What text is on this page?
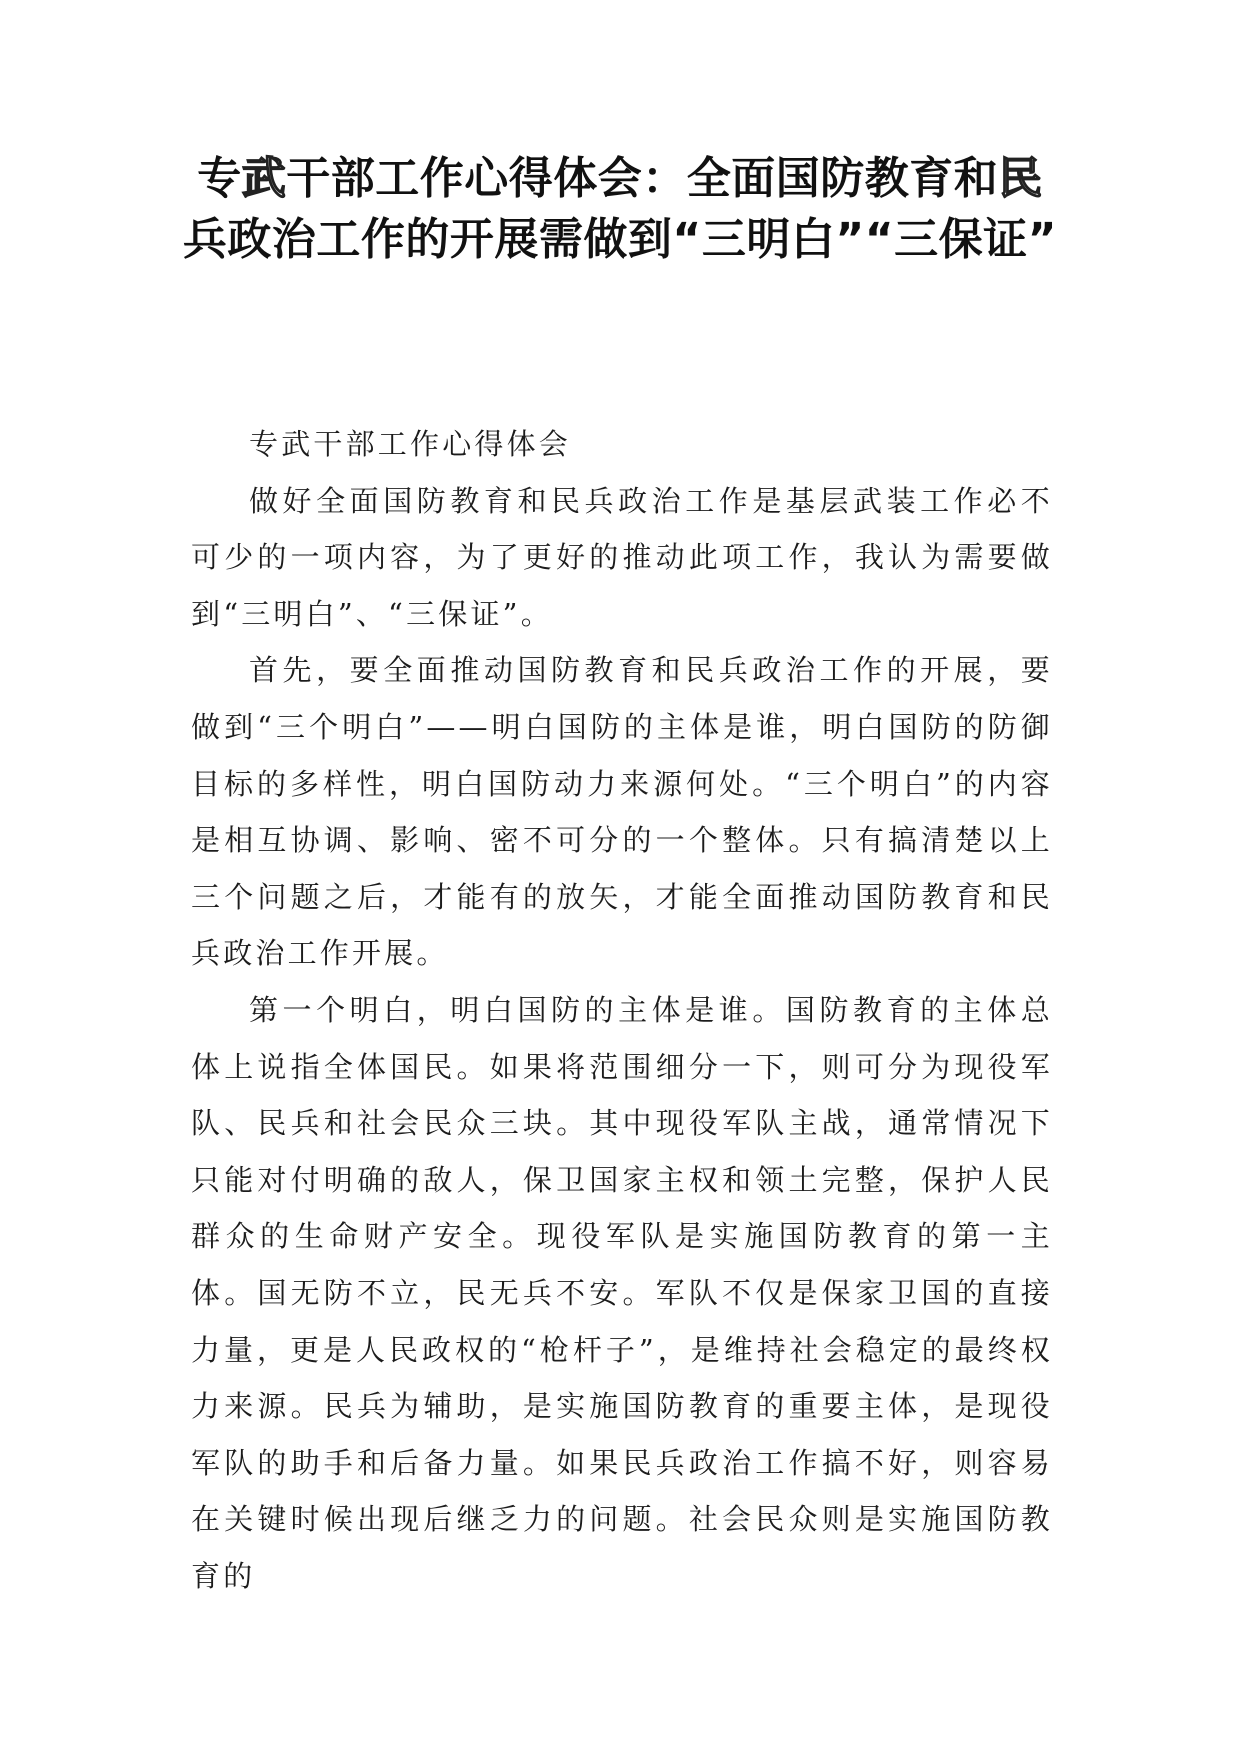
专武干部工作心得体会：全面国防教育和民兵政治工作的开展需做到“三明白”“三保证”

专武干部工作心得体会

做好全面国防教育和民兵政治工作是基层武装工作必不可少的一项内容，为了更好的推动此项工作，我认为需要做到“三明白”、“三保证”。

首先，要全面推动国防教育和民兵政治工作的开展，要做到“三个明白”——明白国防的主体是谁，明白国防的防御目标的多样性，明白国防动力来源何处。“三个明白”的内容是相互协调、影响、密不可分的一个整体。只有搞清楚以上三个问题之后，才能有的放矢，才能全面推动国防教育和民兵政治工作开展。

第一个明白，明白国防的主体是谁。国防教育的主体总体上说指全体国民。如果将范围细分一下，则可分为现役军队、民兵和社会民众三块。其中现役军队主战，通常情况下只能对付明确的敌人，保卫国家主权和领土完整，保护人民群众的生命财产安全。现役军队是实施国防教育的第一主体。国无防不立，民无兵不安。军队不仅是保家卫国的直接力量，更是人民政权的“枪杆子”，是维持社会稳定的最终权力来源。民兵为辅助，是实施国防教育的重要主体，是现役军队的助手和后备力量。如果民兵政治工作搞不好，则容易在关键时候出现后继乏力的问题。社会民众则是实施国防教育的
